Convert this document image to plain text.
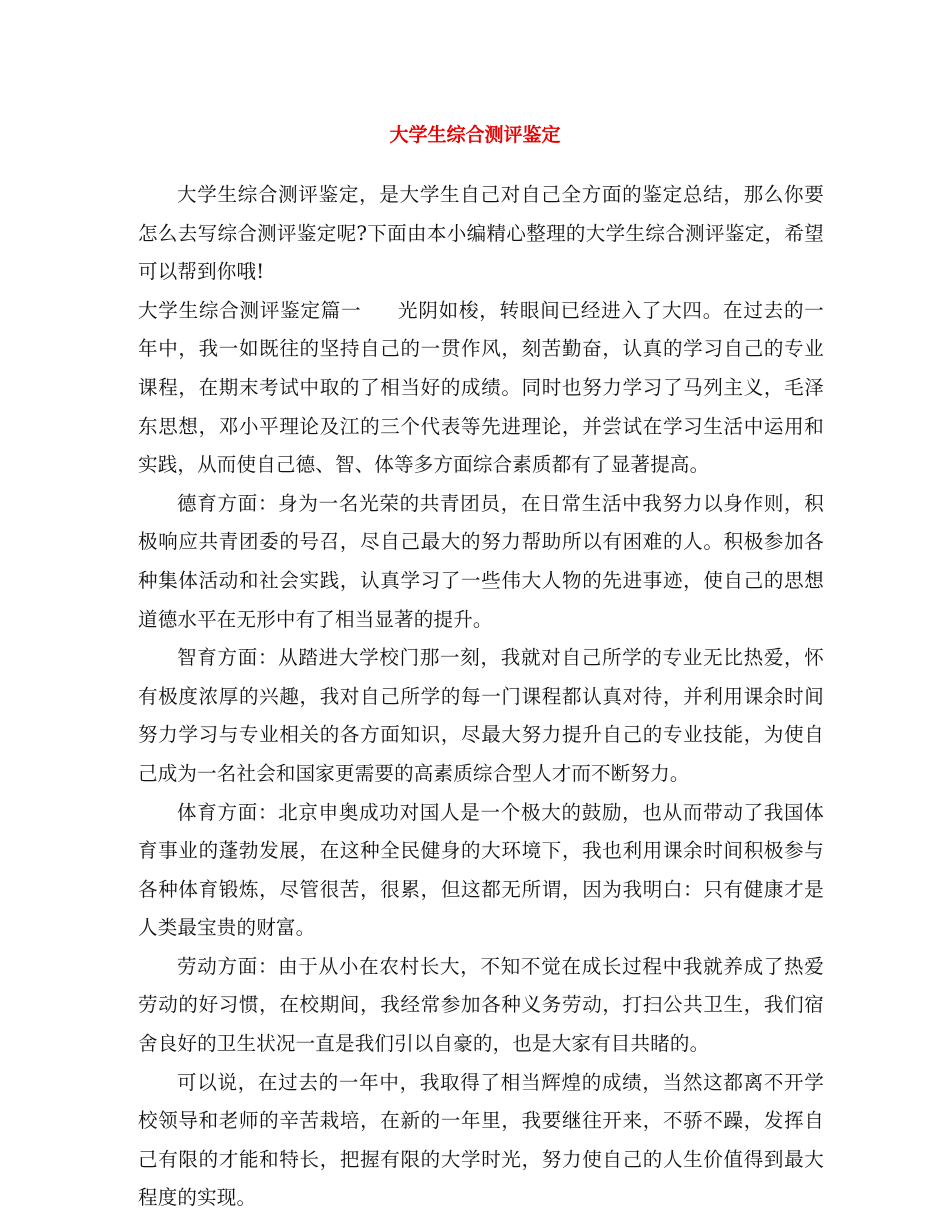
大学生综合测评鉴定

大学生综合测评鉴定，是大学生自己对自己全方面的鉴定总结，那么你要怎么去写综合测评鉴定呢?下面由本小编精心整理的大学生综合测评鉴定，希望可以帮到你哦!

大学生综合测评鉴定篇一 光阴如梭，转眼间已经进入了大四。在过去的一年中，我一如既往的坚持自己的一贯作风，刻苦勤奋，认真的学习自己的专业课程，在期末考试中取的了相当好的成绩。同时也努力学习了马列主义，毛泽东思想，邓小平理论及江的三个代表等先进理论，并尝试在学习生活中运用和实践，从而使自己德、智、体等多方面综合素质都有了显著提高。

德育方面：身为一名光荣的共青团员，在日常生活中我努力以身作则，积极响应共青团委的号召，尽自己最大的努力帮助所以有困难的人。积极参加各种集体活动和社会实践，认真学习了一些伟大人物的先进事迹，使自己的思想道德水平在无形中有了相当显著的提升。

智育方面：从踏进大学校门那一刻，我就对自己所学的专业无比热爱，怀有极度浓厚的兴趣，我对自己所学的每一门课程都认真对待，并利用课余时间努力学习与专业相关的各方面知识，尽最大努力提升自己的专业技能，为使自己成为一名社会和国家更需要的高素质综合型人才而不断努力。

体育方面：北京申奥成功对国人是一个极大的鼓励，也从而带动了我国体育事业的蓬勃发展，在这种全民健身的大环境下，我也利用课余时间积极参与各种体育锻炼，尽管很苦，很累，但这都无所谓，因为我明白：只有健康才是人类最宝贵的财富。

劳动方面：由于从小在农村长大，不知不觉在成长过程中我就养成了热爱劳动的好习惯，在校期间，我经常参加各种义务劳动，打扫公共卫生，我们宿舍良好的卫生状况一直是我们引以自豪的，也是大家有目共睹的。

可以说，在过去的一年中，我取得了相当辉煌的成绩，当然这都离不开学校领导和老师的辛苦栽培，在新的一年里，我要继往开来，不骄不躁，发挥自己有限的才能和特长，把握有限的大学时光，努力使自己的人生价值得到最大程度的实现。
